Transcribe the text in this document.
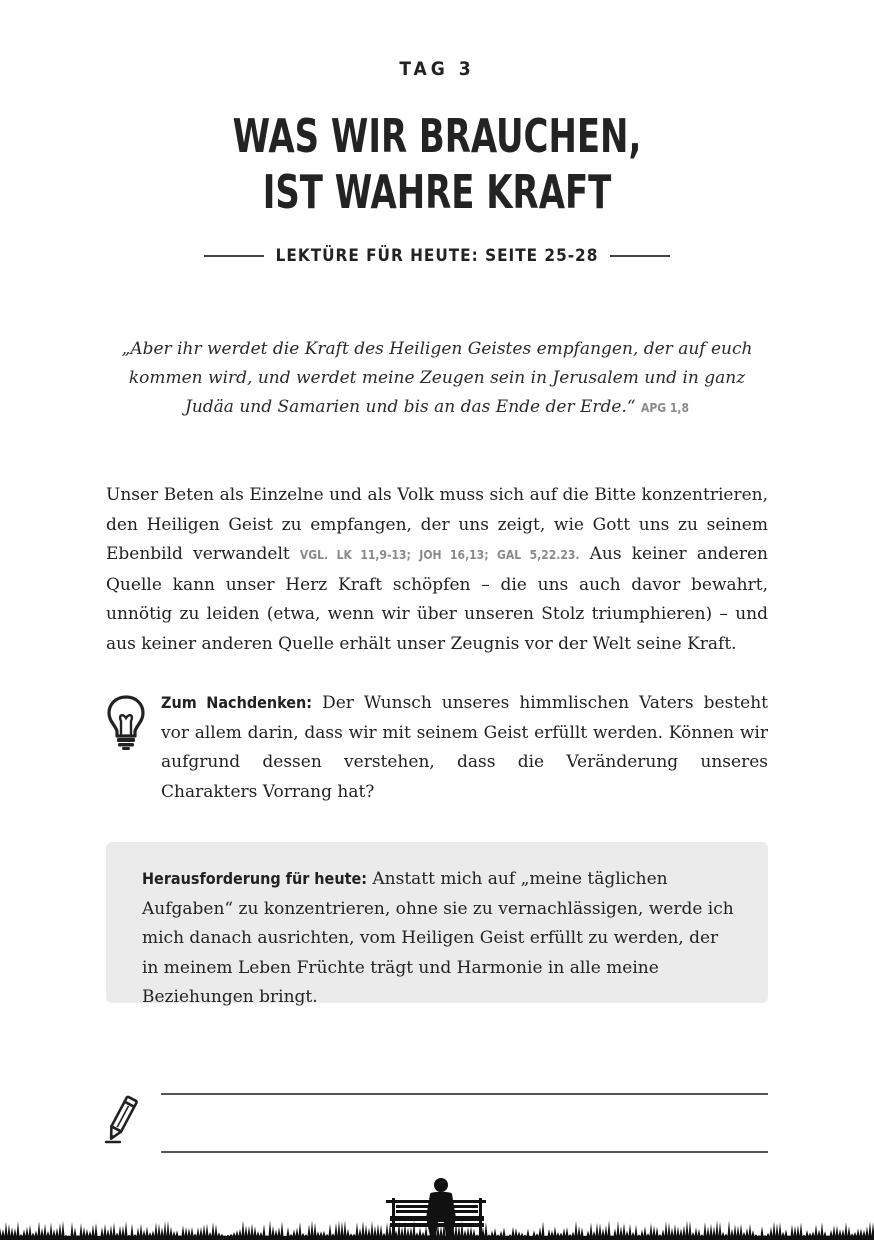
TAG 3
WAS WIR BRAUCHEN,
IST WAHRE KRAFT
LEKTÜRE FÜR HEUTE: SEITE 25-28
„Aber ihr werdet die Kraft des Heiligen Geistes empfangen, der auf euch kommen wird, und werdet meine Zeugen sein in Jerusalem und in ganz Judäa und Samarien und bis an das Ende der Erde.“ APG 1,8
Unser Beten als Einzelne und als Volk muss sich auf die Bitte konzentrieren, den Heiligen Geist zu empfangen, der uns zeigt, wie Gott uns zu seinem Ebenbild verwandelt VGL. LK 11,9-13; JOH 16,13; GAL 5,22.23. Aus keiner anderen Quelle kann unser Herz Kraft schöpfen – die uns auch davor bewahrt, unnötig zu leiden (etwa, wenn wir über unseren Stolz triumphieren) – und aus keiner anderen Quelle erhält unser Zeugnis vor der Welt seine Kraft.
Zum Nachdenken: Der Wunsch unseres himmlischen Vaters besteht vor allem darin, dass wir mit seinem Geist erfüllt werden. Können wir aufgrund dessen verstehen, dass die Veränderung unseres Charakters Vorrang hat?
Herausforderung für heute: Anstatt mich auf „meine täglichen Aufgaben“ zu konzentrieren, ohne sie zu vernachlässigen, werde ich mich danach ausrichten, vom Heiligen Geist erfüllt zu werden, der in meinem Leben Früchte trägt und Harmonie in alle meine Beziehungen bringt.
